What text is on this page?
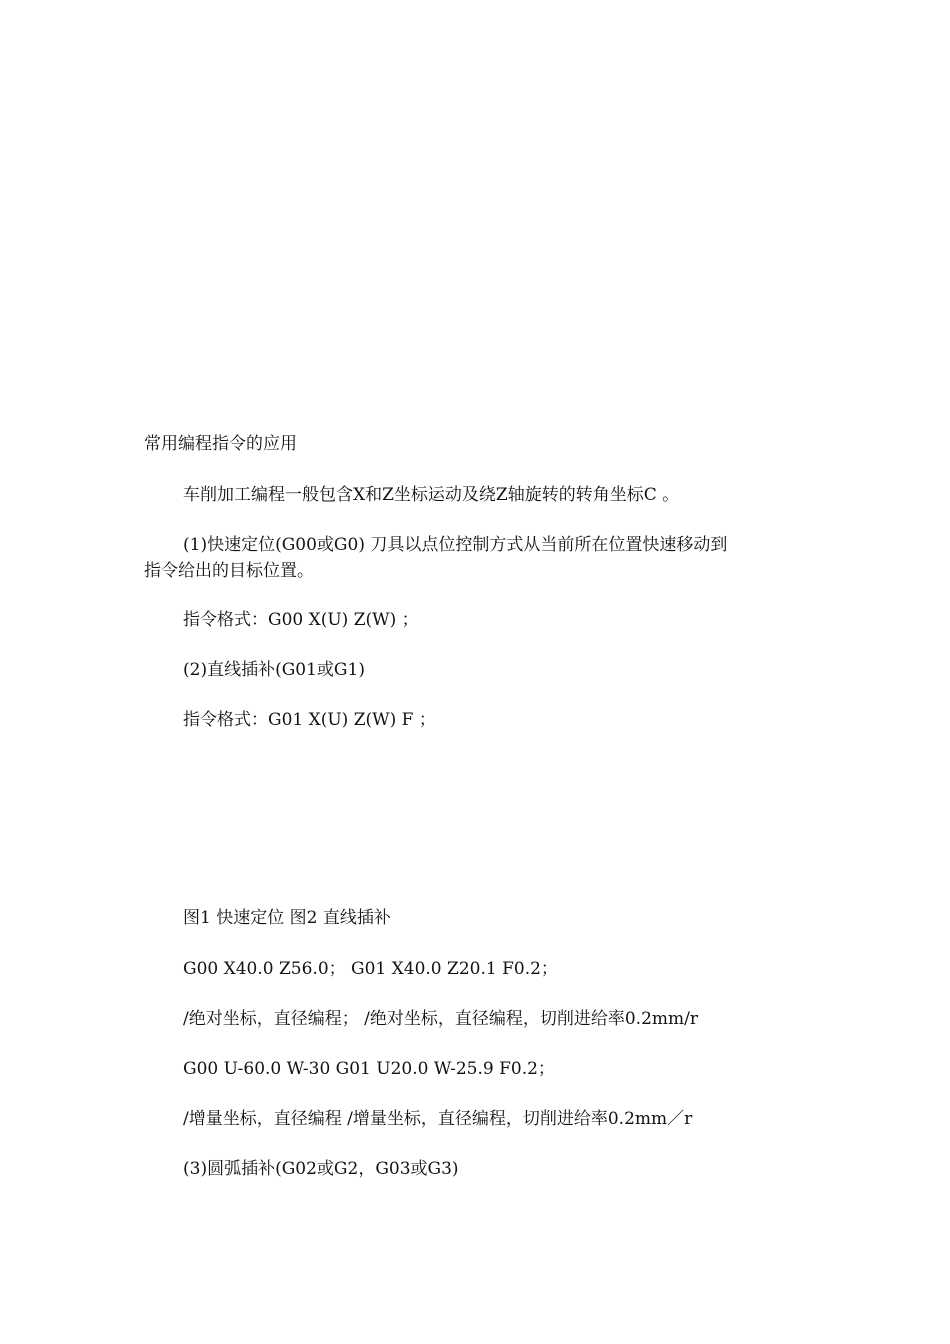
常用编程指令的应用
车削加工编程一般包含X和Z坐标运动及绕Z轴旋转的转角坐标C 。
(1)快速定位(G00或G0) 刀具以点位控制方式从当前所在位置快速移动到
指令给出的目标位置。
指令格式：G00 X(U) Z(W) ；
(2)直线插补(G01或G1)
指令格式：G01 X(U) Z(W) F ；
图1 快速定位 图2 直线插补
G00 X40.0 Z56.0； G01 X40.0 Z20.1 F0.2；
/绝对坐标，直径编程； /绝对坐标，直径编程，切削进给率0.2mm/r
G00 U-60.0 W-30 G01 U20.0 W-25.9 F0.2；
/增量坐标，直径编程 /增量坐标，直径编程，切削进给率0.2mm／r
(3)圆弧插补(G02或G2，G03或G3)
